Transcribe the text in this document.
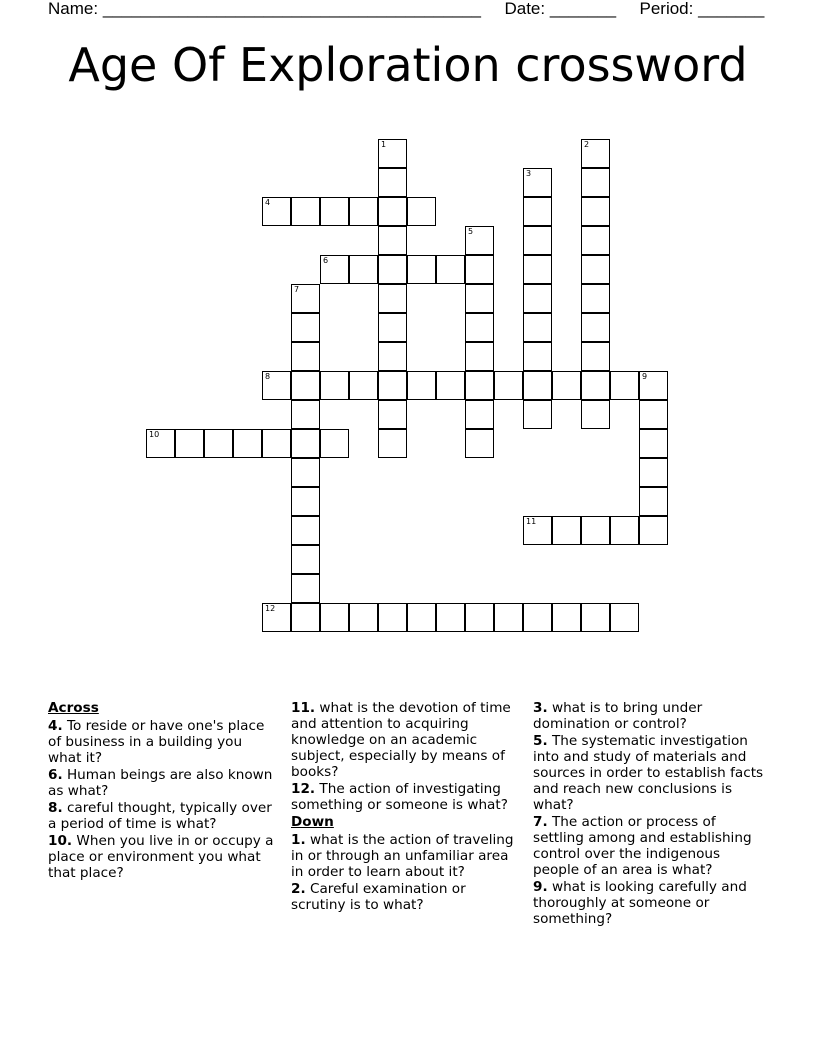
Name: ________________________________________ Date: _______ Period: _______
Age Of Exploration crossword
1	2
3
4
5
6
7
8	9
10
11
12
Across
4. To reside or have one's place of business in a building you what it?
6. Human beings are also known as what?
8. careful thought, typically over a period of time is what?
10. When you live in or occupy a place or environment you what that place?
11. what is the devotion of time and attention to acquiring knowledge on an academic subject, especially by means of books?
12. The action of investigating something or someone is what?
Down
1. what is the action of traveling in or through an unfamiliar area in order to learn about it?
2. Careful examination or scrutiny is to what?
3. what is to bring under domination or control?
5. The systematic investigation into and study of materials and sources in order to establish facts and reach new conclusions is what?
7. The action or process of settling among and establishing control over the indigenous people of an area is what?
9. what is looking carefully and thoroughly at someone or something?
